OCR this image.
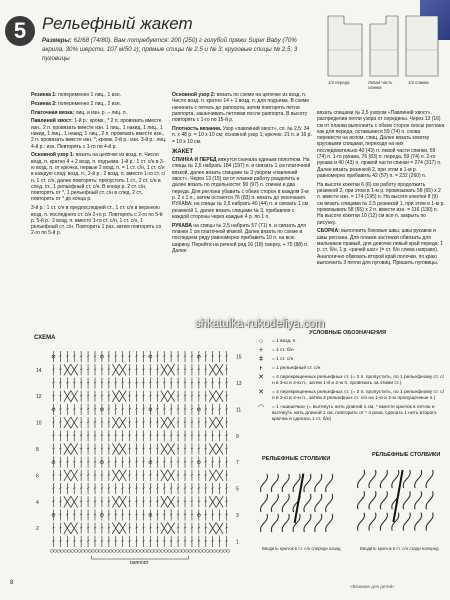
5 Рельефный жакет
Размеры: 62/68 (74/80). Вам потребуется: 200 (250) г голубой пряжи Super Baby (70% акрила, 30% шерсти, 107 м/50 г); прямые спицы № 2,5 и № 3; круговые спицы № 2,5; 3 пуговицы
1/2 переда	Левая часть спинки
1/2 спинки

Резинка 1: попеременно 1 лиц., 1 изн.

Резинка 2: попеременно 2 лиц., 2 изн.

Платочная вязка: лиц. и изн. р. – лиц. п.

Павлиний хвост: 1-й р.: кромк., * 2 п. провязать вместе изн., 2 п. провязать вместе изн. 1 лиц., 1 накид, 1 лиц., 1 накид, 1 лиц., 1 накид, 1 лиц., 2 п. провязать вместе изн., 2 п. провязать вместе изн. *, кромк. 2-й р.: изн. 3-й р.: лиц. 4-й р.: изн. Повторять с 1-го по 4-й р.

Основной узор 1: вязать на цепочке из возд. п. Число возд. п. кратно 4 + 2 возд. п. подъема. 1-й р.: 1 ст. с/н в 3-ю возд. п. от крючка, первые 2 возд. п. = 1 ст. с/н, 1 ст. с/н в каждую след. возд. п., 2-й р.: 2 возд. п. вместо 1-го ст. с/н, 1 ст. с/н, далее повторять: пропустить 1 ст., 2 ст. с/н в след. ст., 1 рельефный ст. с/н. В конце р. 2 ст. с/н, повторять от *, 1 рельефный ст. с/н в след. 2 ст., повторять от * до конца р.

3-й р.: 1 ст. с/н в предпоследний ст., 1 ст. с/н в верхнюю возд. п. последнего ст. с/н 2-го р. Повторять с 2-го по 5-й р. 5-й р.: 2 возд. п. вместо 1-го ст. с/н, 1 ст. с/н, 1 рельефный ст. с/н. Повторить 1 раз, затем повторять со 2-го по 5-й р.

Основной узор 2: вязать по схеме на цепочке из возд. п. Число возд. п. кратно 14 + 1 возд. п. для подъема. В схеме начинать с петель до раппорта, затем повторять петли раппорта, заканчивать петлями после раппорта. В высоту повторять с 1-го по 15-й р.

Плотность вязания. Узор «павлиний хвост», сп. № 2,5: 34 п. x 48 р. = 10 x 10 см; основной узор 1, крючок: 21 п. и 16 р. = 10 x 10 см.

ЖАКЕТ

СПИНКА И ПЕРЕД вяжутся сначала единым полотном. На спицы № 2,5 набрать 184 (197) п. и связать 1 см платочной вязкой, далее вязать спицами № 3 узором «павлиний хвост». Через 13 (15) см от планки работу разделить и далее вязать по отдельности: 90 (97) п. спинки и два переда. Для реглана убавить с обеих сторон в каждом 2-м р. 2 x 1 п., затем остаются 76 (83) п. вязать до окончания. РУКАВА: на спицы № 2,5 набрать 40 (44) п. и связать 1 см резинкой 1, далее вязать спицами № 3, прибавляя с каждой стороны через каждые 4 р. по 1 п.

РУКАВА на спицы № 2,5 набрать 57 (71) п. и связать для планки 1 см платочной вязкой. Далее вязать по схеме в последнем ряду равномерно прибавить 10 п. на всю ширину. Перейти на речной ряд 16 (18) сверху, + 75 (88) п. Далее

вязать спицами № 2,5 узором «Павлиний хвост», распределив петли узора от середины. Через 13 (16) см от планки выполнить с обеих сторон скосы реглана как для переда; оставшиеся 59 (74) п. снова перевести на вспом. спиц. Далее вязать кокетку круговыми спицами, переходя на них последовательно 40 (43) п. левой части спинки, 59 (74) п. 1-го рукава, 76 (83) п. переда, 59 (74) п. 2-го рукава и 40 (43) п. правой части спинки = 274 (317) п. Далее вязать резинкой 2, при этом в 1-м р. равномерно прибавить 42 (57) п. = 232 (260) п.

На высоте кокетки 6 (6) см работу продолжить резинкой 2, при этом в 1-м р. провязывать 58 (65) x 2 п. вместе изн. = 174 (195) п. На высоте кокетки 8 (9) см вязать спицами № 2,5 резинкой 1, при этом в 1-м р. провязывать 58 (65) x 2 п. вместе изн. = 116 (130) п. На высоте кокетки 10 (12) см все п. закрыть по рисунку.

СБОРКА: выполнить боковые швы, швы рукавов и швы реглана. Для планки застежки обвязать для мальчиков правый, для девочек левый край переда: 1 р. ст. б/н, 1 р. «рачий шаг» (= ст. б/н слева направо). Аналогично обвязать второй край полочки, по краю выполнить 3 петли для пуговиц. Пришить пуговицы.

shkatulka-rukodeliya.com
СХЕМА
1
2
3
4
5
6
7
8
9
10
11
12
13
14
15
раппорт
УСЛОВНЫЕ ОБОЗНАЧЕНИЯ
○	= 1 возд. п.
+	= 1 ст. б/н
ǂ	= 1 ст. с/н
ⱶ	= 1 рельефный ст. с/н
✕	= 4 перекрещенных рельефных ст. (= 2 п. пропустить, по 1 рельефному ст. с/н в 3-ю и 4-ю п., затем 1-й и 2-ю п. провязать за этими ст.)
✕	= 4 перекрещенных рельефных ст. (= 2 п. пропустить, по 1 рельефному ст. с/н в 3-ю и 4-ю п., затем 2 рельефных ст. с/н на 1-ю и 2-ю пропущенные п.)
◠	= 1 «шишечка» (= вытянуть нить длиной 1 см, * вместе крючок в петлю и вытянуть нить длиной 1 см, повторить от * 4 раза, сделать 1 нить второго крючка и сделать 1 ст. б/н)
РЕЛЬЕФНЫЕ СТОЛБИКИ
РЕЛЬЕФНЫЕ СТОЛБИКИ
Вводить крючок в ст. с/н спереди назад	Вводить крючок в ст. с/н сзади наперед
8
«Вязание для детей»
